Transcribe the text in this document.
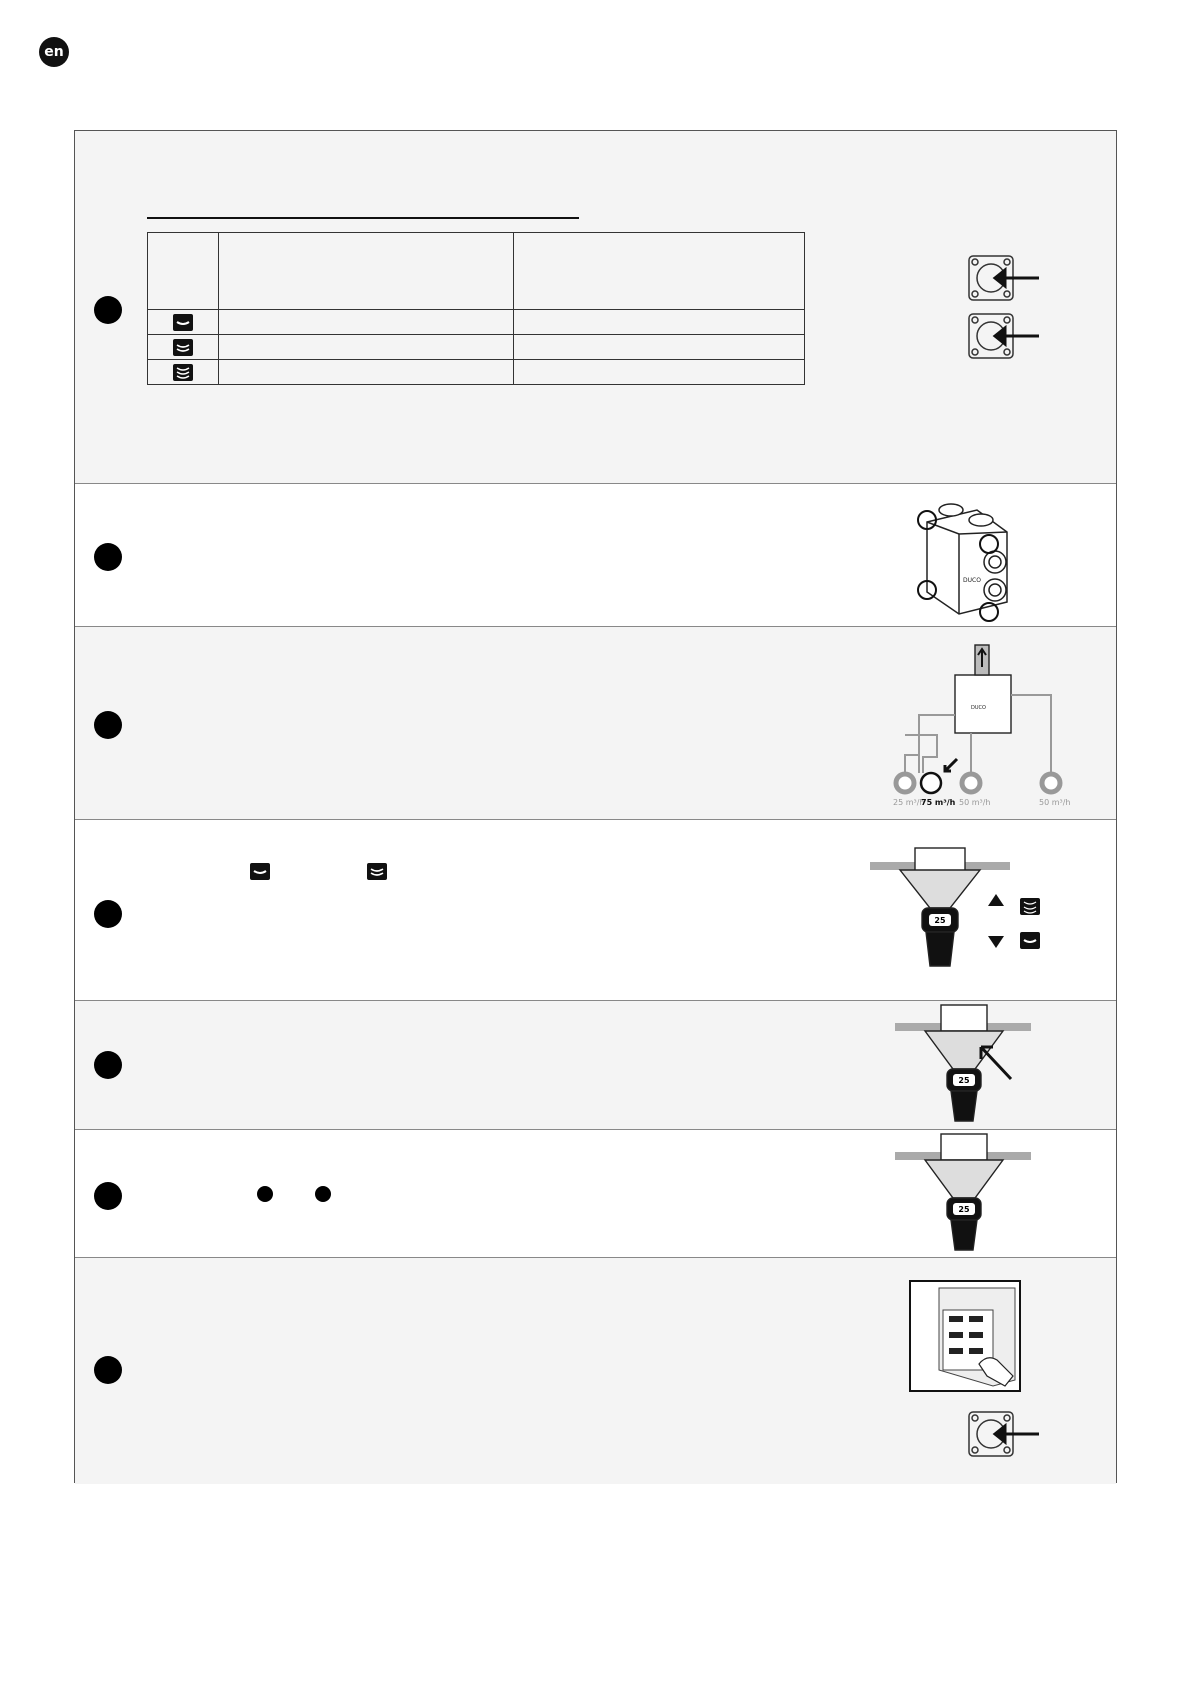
en

DUCO
25 m³/h
75 m³/h 50 m³/h	50 m³/h
DUCO
25
25
25
